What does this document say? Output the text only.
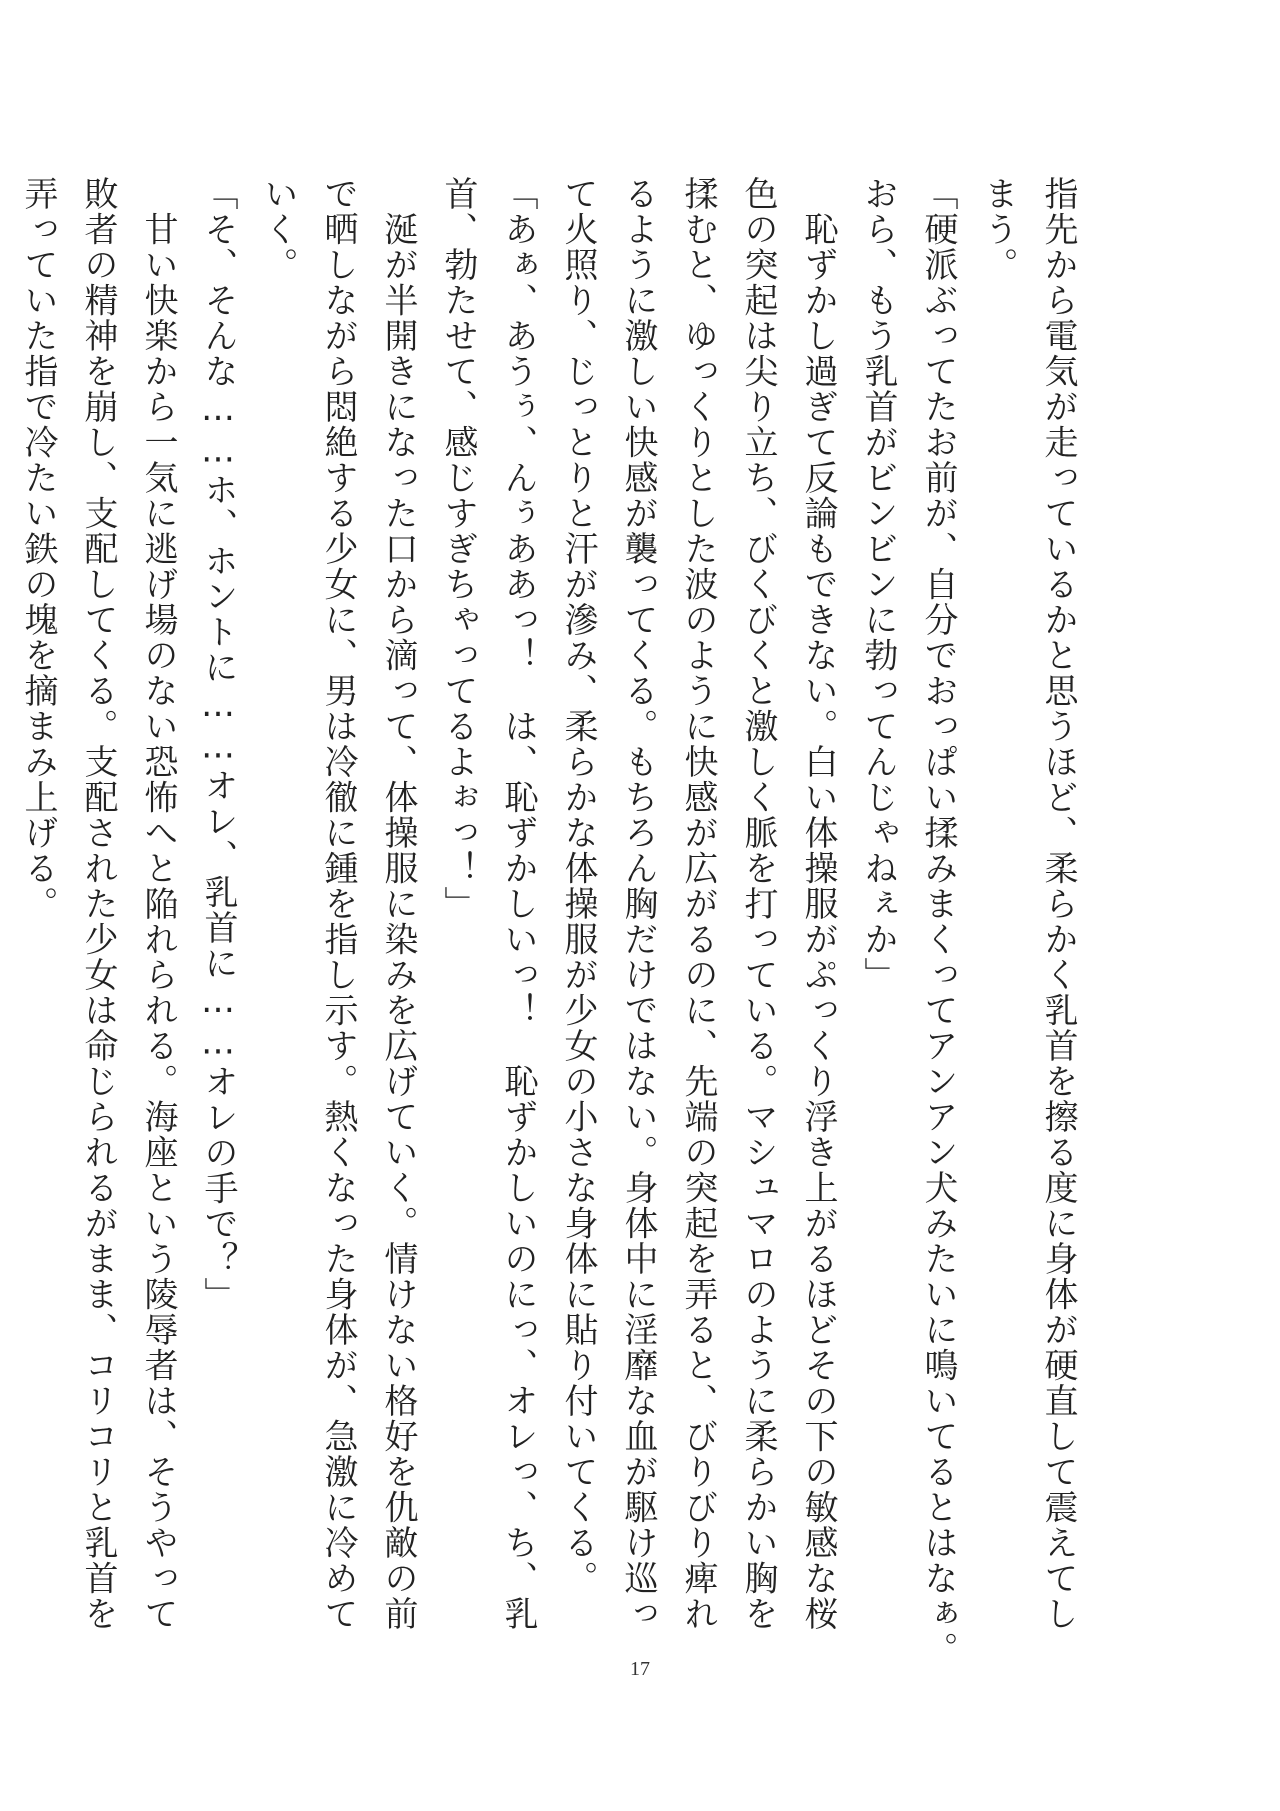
指先から電気が走っているかと思うほど、柔らかく乳首を擦る度に身体が硬直して震えてし

まう。

「硬派ぶってたお前が、自分でおっぱい揉みまくってアンアン犬みたいに鳴いてるとはなぁ。

おら、もう乳首がビンビンに勃ってんじゃねぇか」

　恥ずかし過ぎて反論もできない。白い体操服がぷっくり浮き上がるほどその下の敏感な桜

色の突起は尖り立ち、びくびくと激しく脈を打っている。マシュマロのように柔らかい胸を

揉むと、ゆっくりとした波のように快感が広がるのに、先端の突起を弄ると、びりびり痺れ

るように激しい快感が襲ってくる。もちろん胸だけではない。身体中に淫靡な血が駆け巡っ

て火照り、じっとりと汗が滲み、柔らかな体操服が少女の小さな身体に貼り付いてくる。

「あぁ、あうぅ、んぅああっ！　は、恥ずかしいっ！　恥ずかしいのにっ、オレっ、ち、乳

首、勃たせて、感じすぎちゃってるよぉっ！」

　涎が半開きになった口から滴って、体操服に染みを広げていく。情けない格好を仇敵の前

で晒しながら悶絶する少女に、男は冷徹に鍾を指し示す。熱くなった身体が、急激に冷めて

いく。

「そ、そんな……ホ、ホントに……オレ、乳首に……オレの手で？」

　甘い快楽から一気に逃げ場のない恐怖へと陥れられる。海座という陵辱者は、そうやって

敗者の精神を崩し、支配してくる。支配された少女は命じられるがまま、コリコリと乳首を

弄っていた指で冷たい鉄の塊を摘まみ上げる。

17
